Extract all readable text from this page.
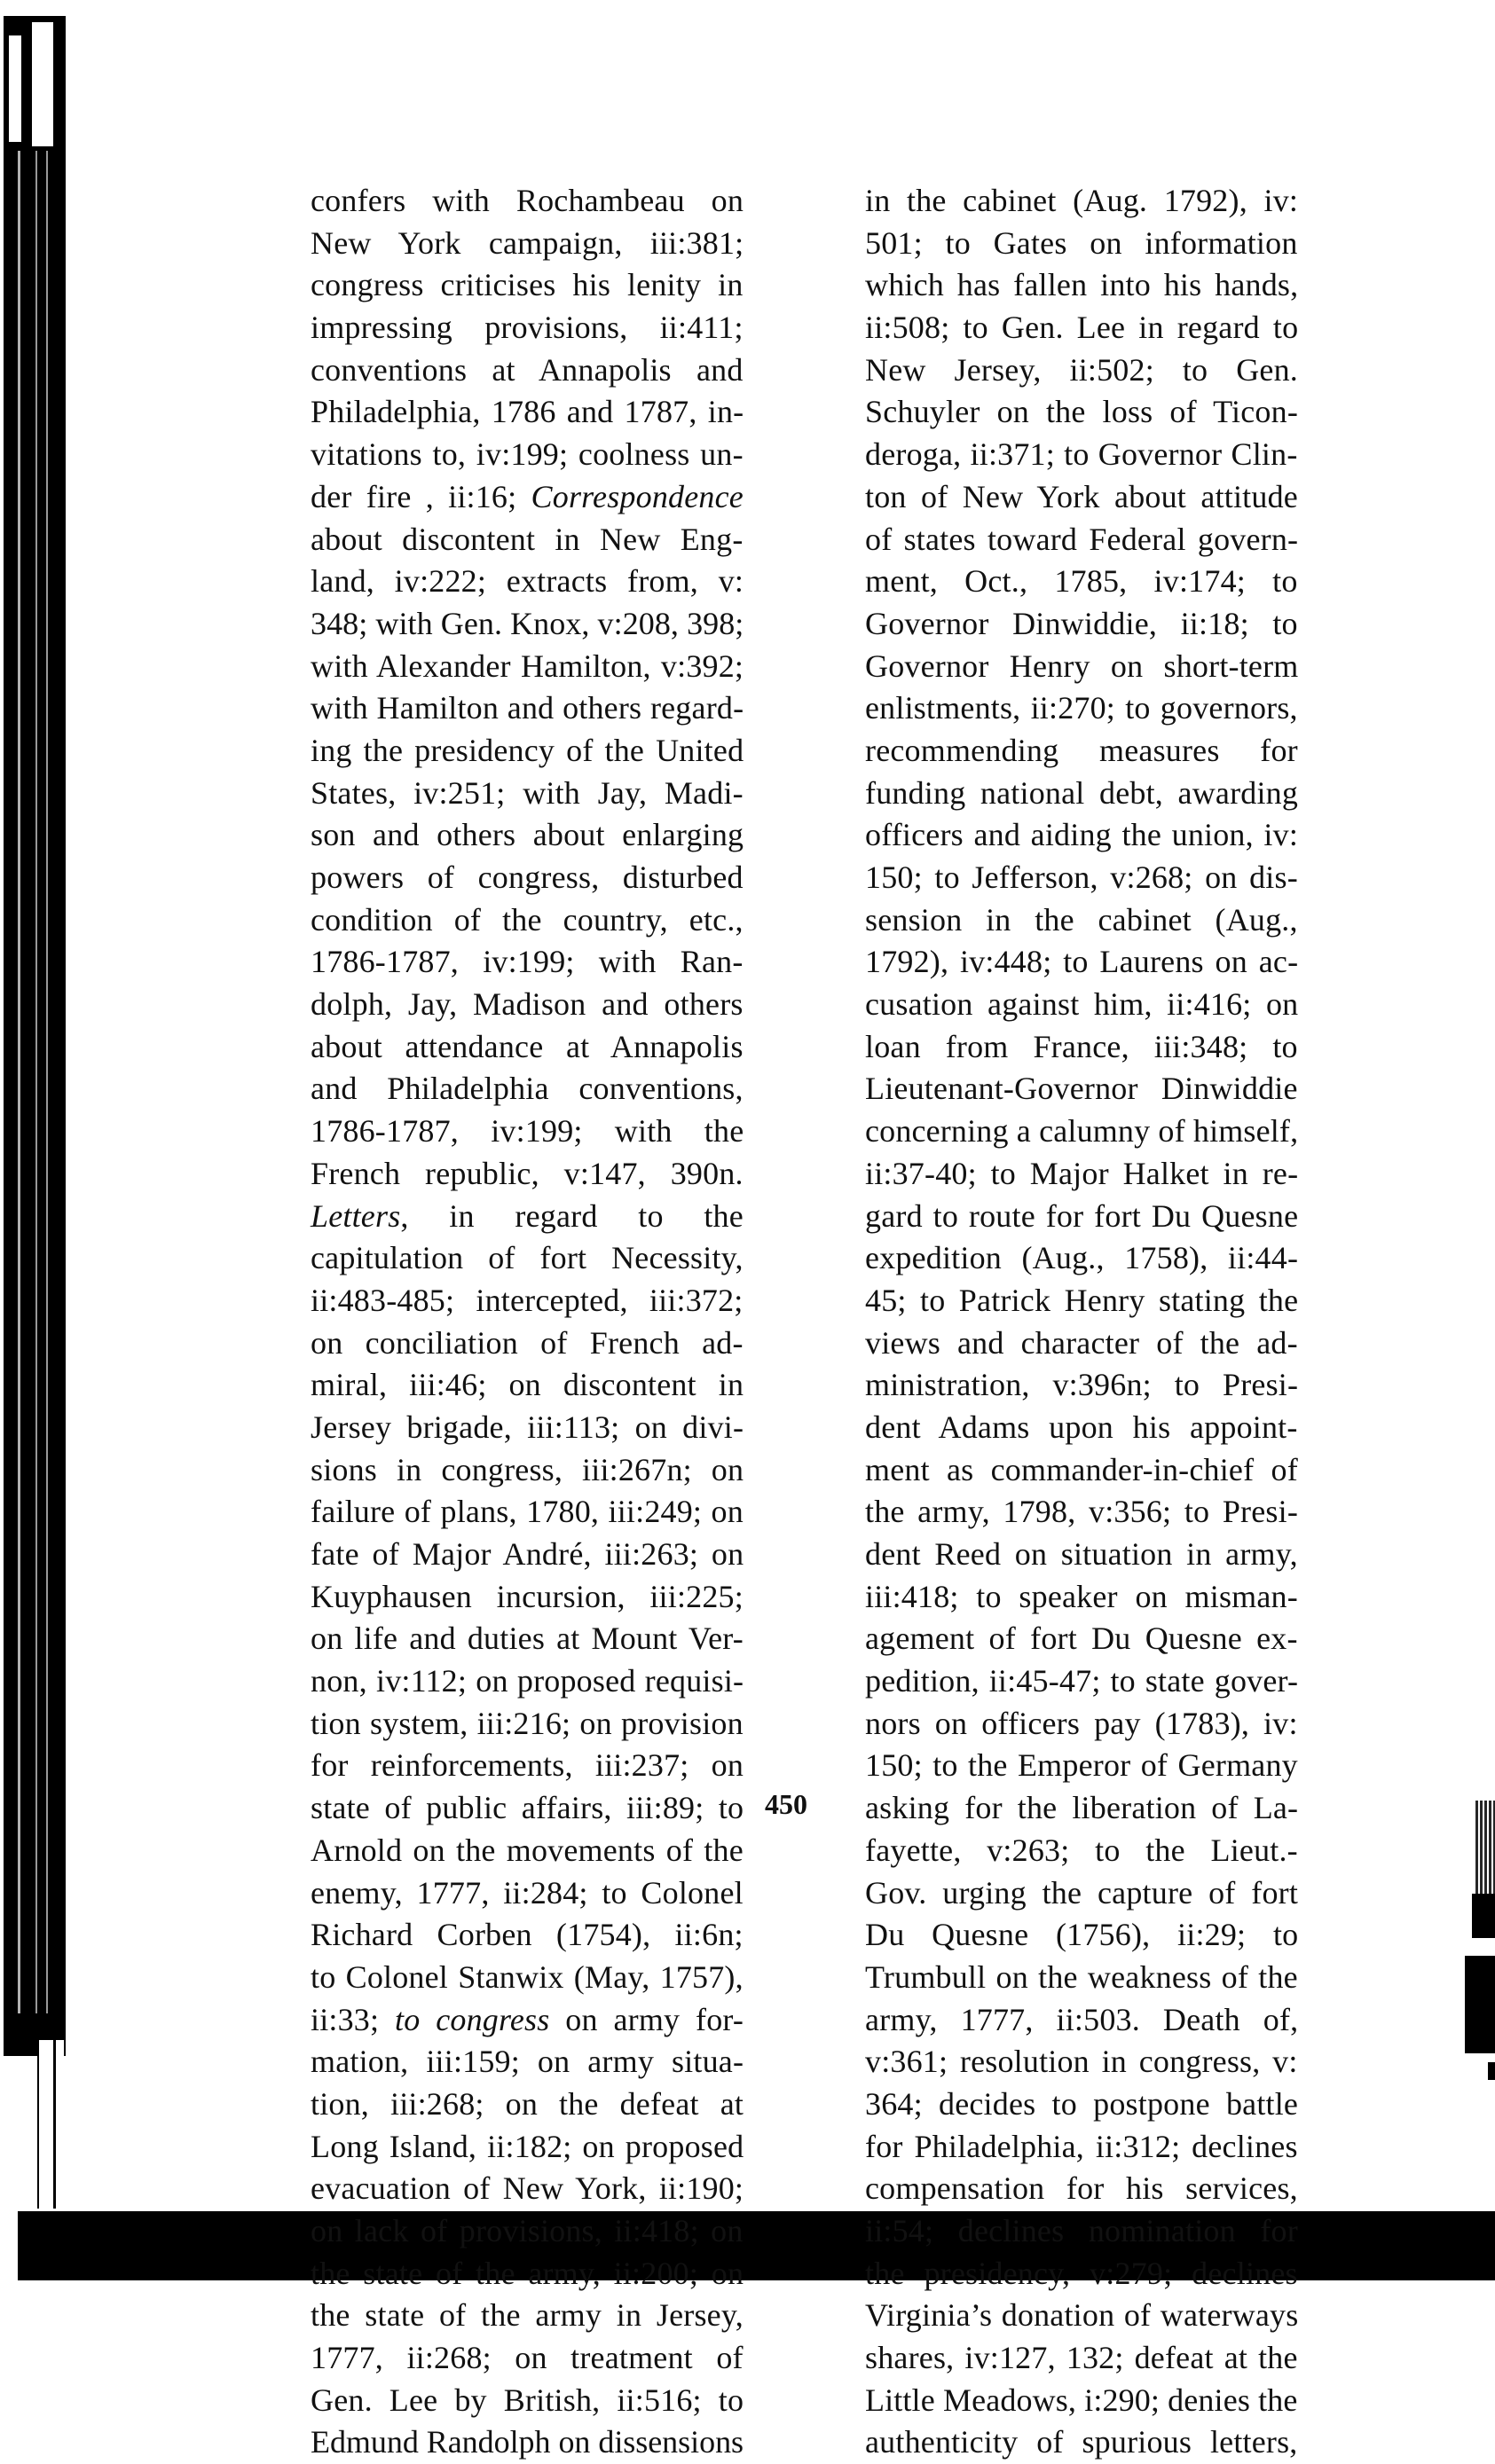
confers with Rochambeau on
New York campaign, iii:381;
congress criticises his lenity in
impressing provisions, ii:411;
conventions at Annapolis and
Philadelphia, 1786 and 1787, in-
vitations to, iv:199; coolness un-
der fire , ii:16; Correspondence
about discontent in New Eng-
land, iv:222; extracts from, v:
348; with Gen. Knox, v:208, 398;
with Alexander Hamilton, v:392;
with Hamilton and others regard-
ing the presidency of the United
States, iv:251; with Jay, Madi-
son and others about enlarging
powers of congress, disturbed
condition of the country, etc.,
1786-1787, iv:199; with Ran-
dolph, Jay, Madison and others
about attendance at Annapolis
and Philadelphia conventions,
1786-1787, iv:199; with the
French republic, v:147, 390n.
Letters, in regard to the
capitulation of fort Necessity,
ii:483-485; intercepted, iii:372;
on conciliation of French ad-
miral, iii:46; on discontent in
Jersey brigade, iii:113; on divi-
sions in congress, iii:267n; on
failure of plans, 1780, iii:249; on
fate of Major André, iii:263; on
Kuyphausen incursion, iii:225;
on life and duties at Mount Ver-
non, iv:112; on proposed requisi-
tion system, iii:216; on provision
for reinforcements, iii:237; on
state of public affairs, iii:89; to
Arnold on the movements of the
enemy, 1777, ii:284; to Colonel
Richard Corben (1754), ii:6n;
to Colonel Stanwix (May, 1757),
ii:33; to congress on army for-
mation, iii:159; on army situa-
tion, iii:268; on the defeat at
Long Island, ii:182; on proposed
evacuation of New York, ii:190;
on lack of provisions, ii:418; on
the state of the army, ii:200; on
the state of the army in Jersey,
1777, ii:268; on treatment of
Gen. Lee by British, ii:516; to
Edmund Randolph on dissensions
in the cabinet (Aug. 1792), iv:
501; to Gates on information
which has fallen into his hands,
ii:508; to Gen. Lee in regard to
New Jersey, ii:502; to Gen.
Schuyler on the loss of Ticon-
deroga, ii:371; to Governor Clin-
ton of New York about attitude
of states toward Federal govern-
ment, Oct., 1785, iv:174; to
Governor Dinwiddie, ii:18; to
Governor Henry on short-term
enlistments, ii:270; to governors,
recommending measures for
funding national debt, awarding
officers and aiding the union, iv:
150; to Jefferson, v:268; on dis-
sension in the cabinet (Aug.,
1792), iv:448; to Laurens on ac-
cusation against him, ii:416; on
loan from France, iii:348; to
Lieutenant-Governor Dinwiddie
concerning a calumny of himself,
ii:37-40; to Major Halket in re-
gard to route for fort Du Quesne
expedition (Aug., 1758), ii:44-
45; to Patrick Henry stating the
views and character of the ad-
ministration, v:396n; to Presi-
dent Adams upon his appoint-
ment as commander-in-chief of
the army, 1798, v:356; to Presi-
dent Reed on situation in army,
iii:418; to speaker on misman-
agement of fort Du Quesne ex-
pedition, ii:45-47; to state gover-
nors on officers pay (1783), iv:
150; to the Emperor of Germany
asking for the liberation of La-
fayette, v:263; to the Lieut.-
Gov. urging the capture of fort
Du Quesne (1756), ii:29; to
Trumbull on the weakness of the
army, 1777, ii:503. Death of,
v:361; resolution in congress, v:
364; decides to postpone battle
for Philadelphia, ii:312; declines
compensation for his services,
ii:54; declines nomination for
the presidency, v:279; declines
Virginia’s donation of waterways
shares, iv:127, 132; defeat at the
Little Meadows, i:290; denies the
authenticity of spurious letters,
450
